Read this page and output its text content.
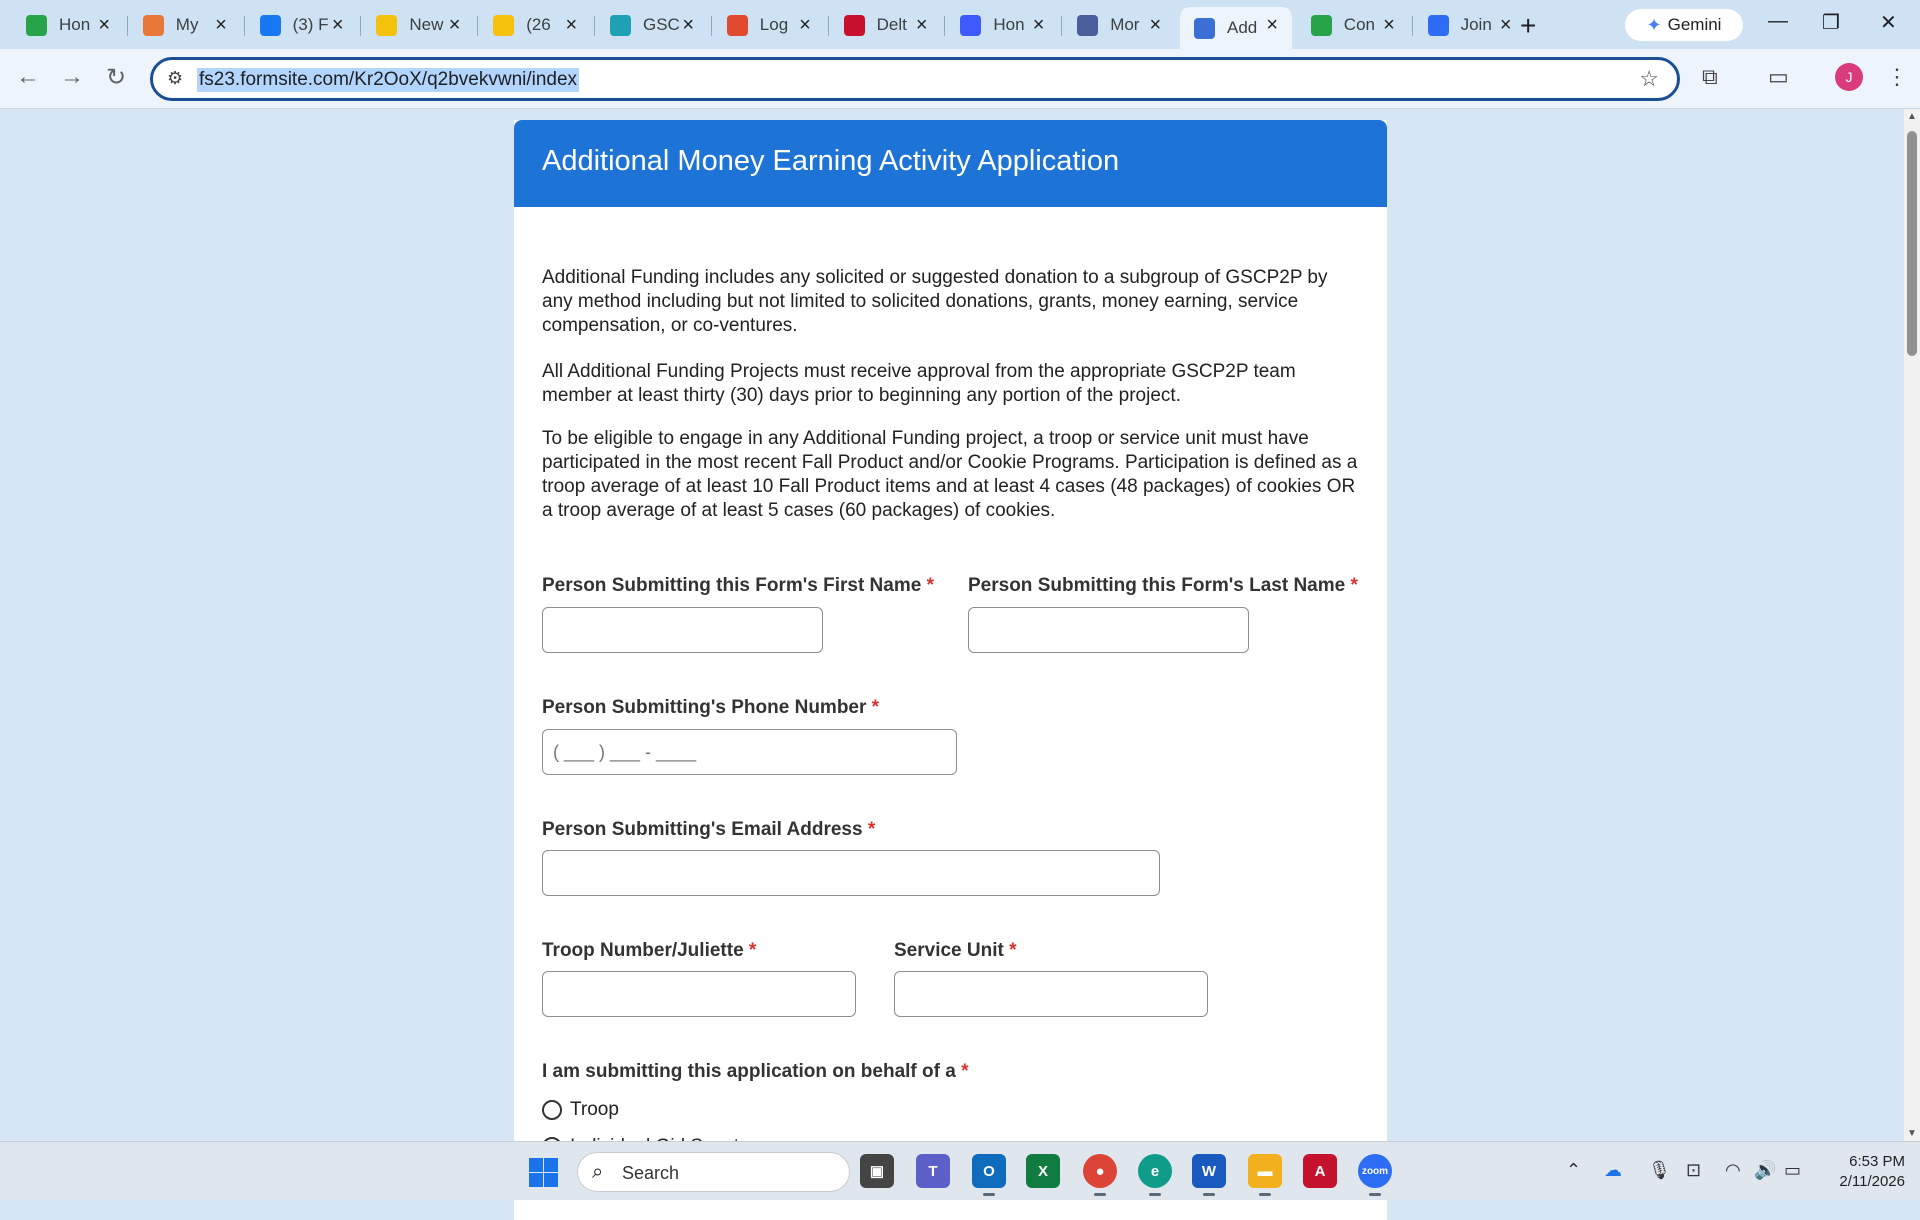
+	✦ Gemini — ❐ ✕
Hon ×	My ×	(3) F ×	New ×	(26 ×	GSC ×	Log ×	Delt ×	Hon ×	Mor ×	Add ×	Con ×	Join ×
← → ↻ ⚙ fs23.formsite.com/Kr2OoX/q2bvekvwni/index	☆ ⧉ ▭	J	⋮
Additional Money Earning Activity Application

Additional Funding includes any solicited or suggested donation to a subgroup of GSCP2P by any method including but not limited to solicited donations, grants, money earning, service compensation, or co-ventures.

All Additional Funding Projects must receive approval from the appropriate GSCP2P team member at least thirty (30) days prior to beginning any portion of the project.

To be eligible to engage in any Additional Funding project, a troop or service unit must have participated in the most recent Fall Product and/or Cookie Programs. Participation is defined as a troop average of at least 10 Fall Product items and at least 4 cases (48 packages) of cookies OR a troop average of at least 5 cases (60 packages) of cookies.

Person Submitting this Form's First Name * Person Submitting this Form's Last Name *
Person Submitting's Phone Number *
( ___ ) ___ - ____
Person Submitting's Email Address *
Troop Number/Juliette *	Service Unit *
I am submitting this application on behalf of a *
Troop
▲
▼
⌕ Search	▣	T	O	X	●	e	W	▬	A	zoom	⌃ ☁ 🎙 ⊡ ◠ 🔊 ▭	6:53 PM
2/11/2026
